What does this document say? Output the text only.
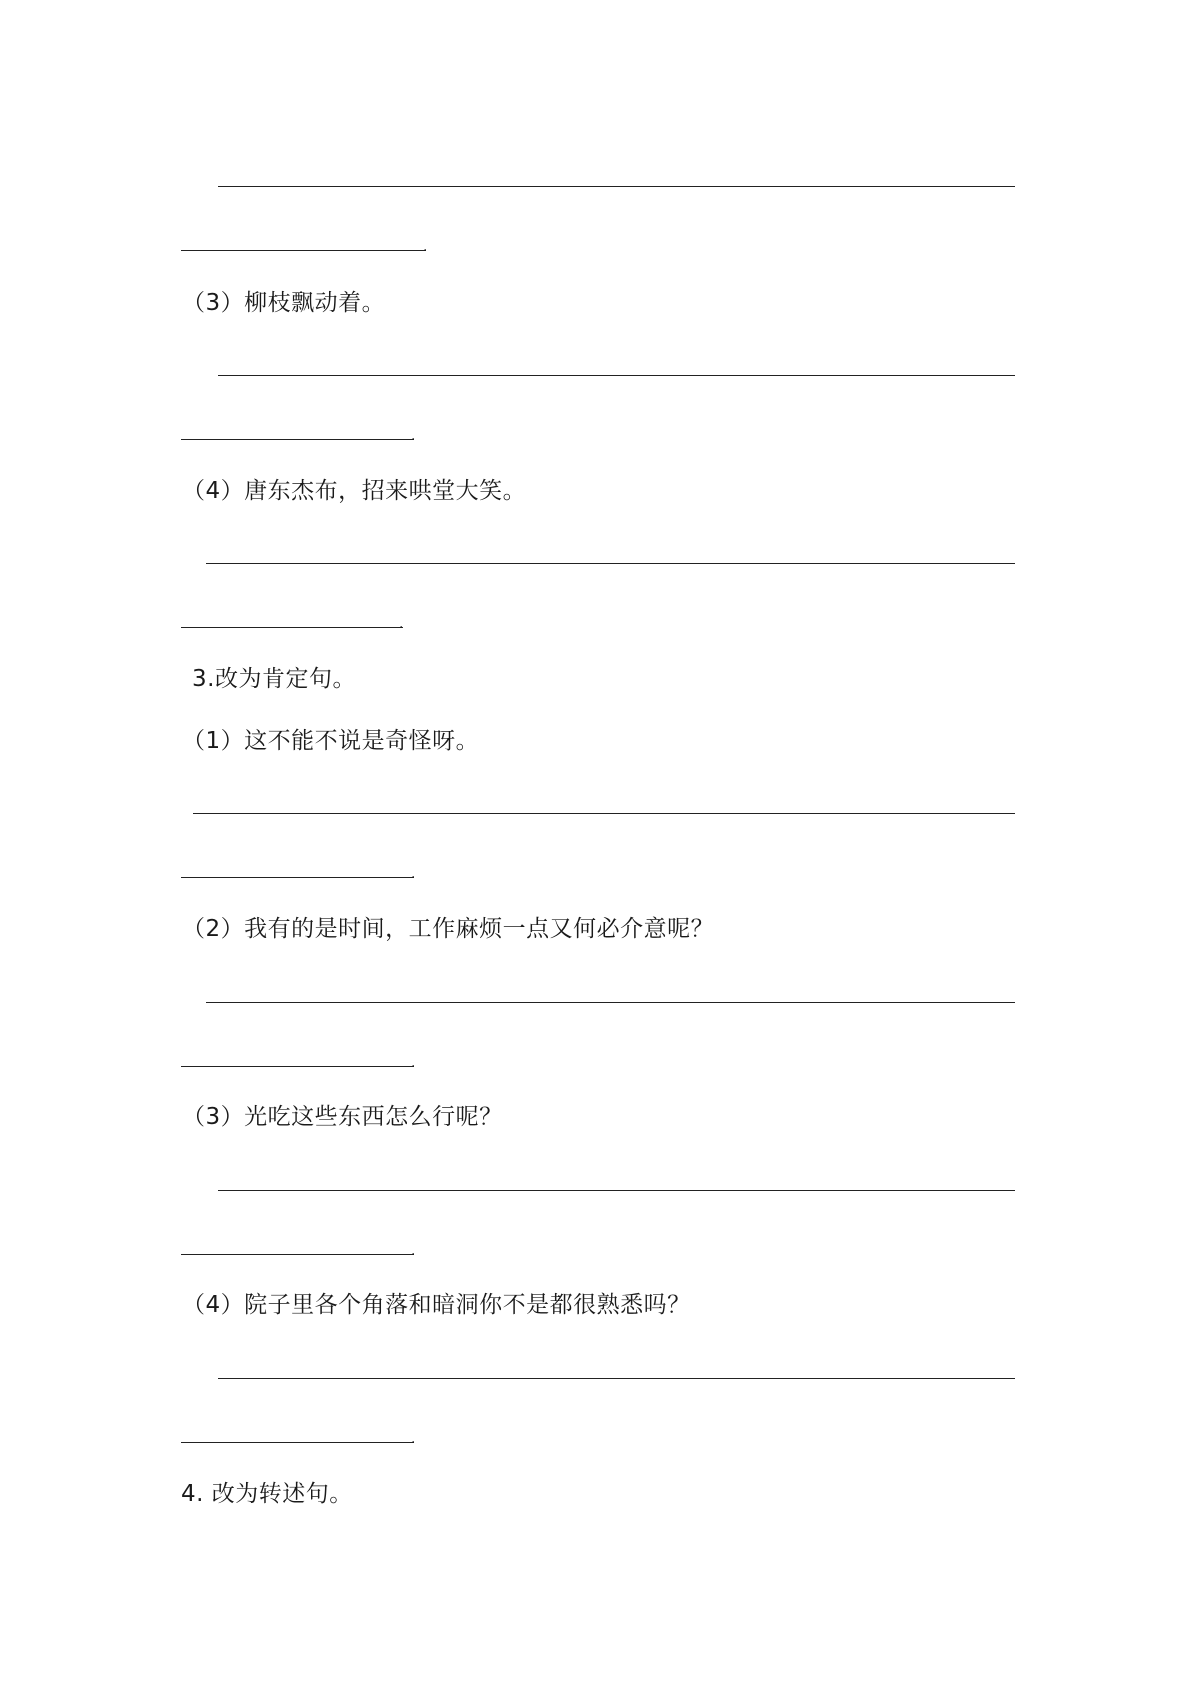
.
（3）柳枝飘动着。
.
（4）唐东杰布，招来哄堂大笑。
.
3.改为肯定句。
（1）这不能不说是奇怪呀。
.
（2）我有的是时间，工作麻烦一点又何必介意呢？
.
（3）光吃这些东西怎么行呢？
.
（4）院子里各个角落和暗洞你不是都很熟悉吗？
.
4. 改为转述句。
